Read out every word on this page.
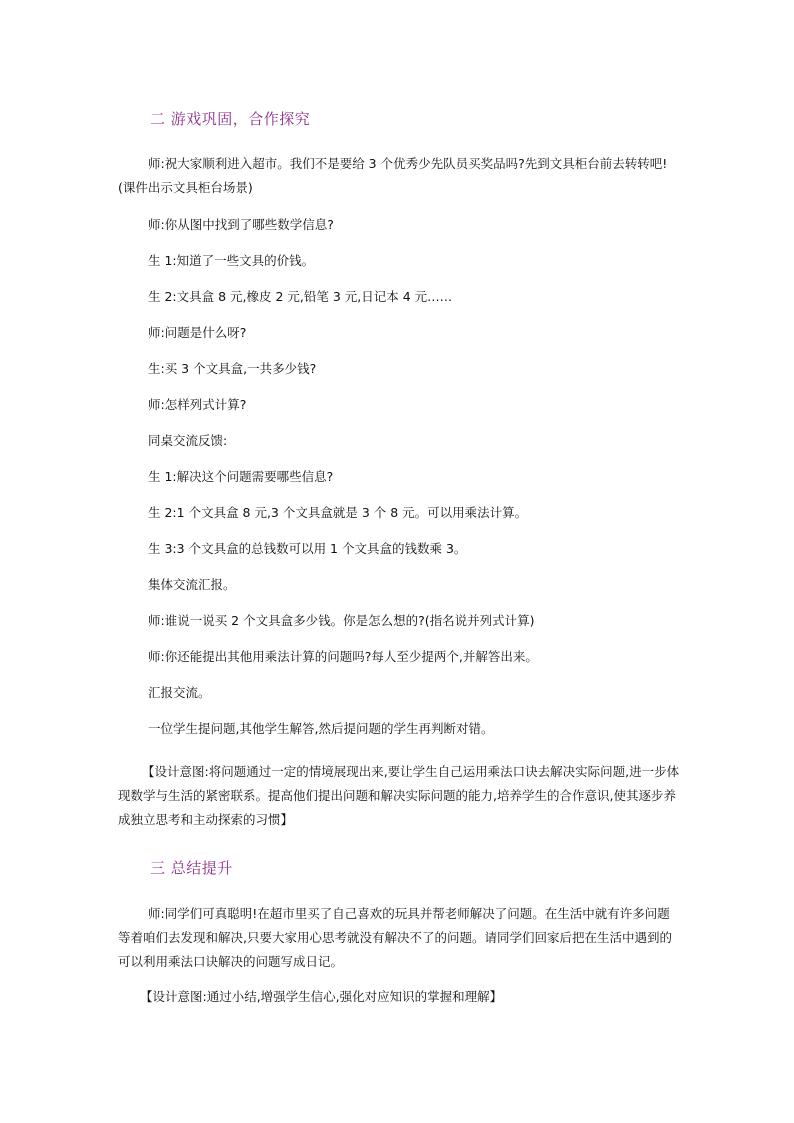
二 游戏巩固，合作探究
师:祝大家顺利进入超市。我们不是要给 3 个优秀少先队员买奖品吗?先到文具柜台前去转转吧!(课件出示文具柜台场景)
师:你从图中找到了哪些数学信息?
生 1:知道了一些文具的价钱。
生 2:文具盒 8 元,橡皮 2 元,铅笔 3 元,日记本 4 元……
师:问题是什么呀?
生:买 3 个文具盒,一共多少钱?
师:怎样列式计算?
同桌交流反馈:
生 1:解决这个问题需要哪些信息?
生 2:1 个文具盒 8 元,3 个文具盒就是 3 个 8 元。可以用乘法计算。
生 3:3 个文具盒的总钱数可以用 1 个文具盒的钱数乘 3。
集体交流汇报。
师:谁说一说买 2 个文具盒多少钱。你是怎么想的?(指名说并列式计算)
师:你还能提出其他用乘法计算的问题吗?每人至少提两个,并解答出来。
汇报交流。
一位学生提问题,其他学生解答,然后提问题的学生再判断对错。
【设计意图:将问题通过一定的情境展现出来,要让学生自己运用乘法口诀去解决实际问题,进一步体现数学与生活的紧密联系。提高他们提出问题和解决实际问题的能力,培养学生的合作意识,使其逐步养成独立思考和主动探索的习惯】
三 总结提升
师:同学们可真聪明!在超市里买了自己喜欢的玩具并帮老师解决了问题。在生活中就有许多问题等着咱们去发现和解决,只要大家用心思考就没有解决不了的问题。请同学们回家后把在生活中遇到的可以利用乘法口诀解决的问题写成日记。
【设计意图:通过小结,增强学生信心,强化对应知识的掌握和理解】
